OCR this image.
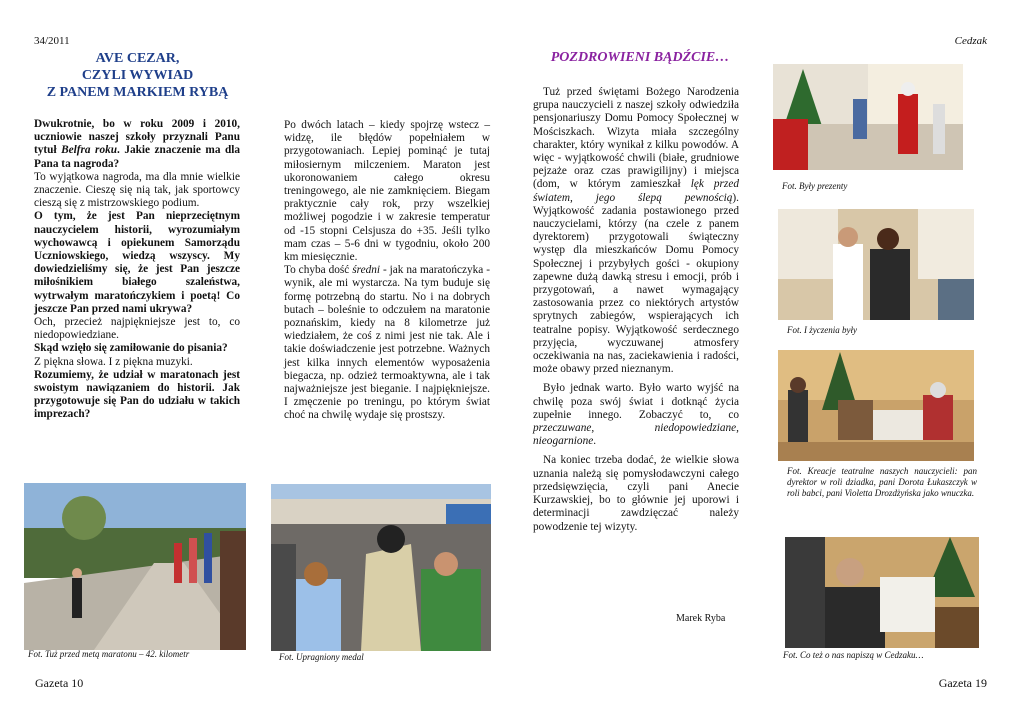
34/2011	Cedzak
AVE CEZAR,
CZYLI WYWIAD
Z PANEM MARKIEM RYBĄ

Dwukrotnie, bo w roku 2009 i 2010, uczniowie naszej szkoły przyznali Panu tytuł Belfra roku. Jakie znaczenie ma dla Pana ta nagroda?

To wyjątkowa nagroda, ma dla mnie wielkie znaczenie. Cieszę się nią tak, jak sportowcy cieszą się z mistrzowskiego podium.

O tym, że jest Pan nieprzeciętnym nauczycielem historii, wyrozumiałym wychowawcą i opiekunem Samorządu Uczniowskiego, wiedzą wszyscy. My dowiedzieliśmy się, że jest Pan jeszcze miłośnikiem białego szaleństwa, wytrwałym maratończykiem i poetą! Co jeszcze Pan przed nami ukrywa?

Och, przecież najpiękniejsze jest to, co niedopowiedziane.

Skąd wzięło się zamiłowanie do pisania?

Z piękna słowa. I z piękna muzyki.

Rozumiemy, że udział w maratonach jest swoistym nawiązaniem do historii. Jak przygotowuje się Pan do udziału w takich imprezach?

Po dwóch latach – kiedy spojrzę wstecz – widzę, ile błędów popełniałem w przygotowaniach. Lepiej pominąć je tutaj miłosiernym milczeniem. Maraton jest ukoronowaniem całego okresu treningowego, ale nie zamknięciem. Biegam praktycznie cały rok, przy wszelkiej możliwej pogodzie i w zakresie temperatur od -15 stopni Celsjusza do +35. Jeśli tylko mam czas – 5-6 dni w tygodniu, około 200 km miesięcznie.

To chyba dość średni - jak na maratończyka - wynik, ale mi wystarcza. Na tym buduje się formę potrzebną do startu. No i na dobrych butach – boleśnie to odczułem na maratonie poznańskim, kiedy na 8 kilometrze już wiedziałem, że coś z nimi jest nie tak. Ale i takie doświadczenie jest potrzebne. Ważnych jest kilka innych elementów wyposażenia biegacza, np. odzież termoaktywna, ale i tak najważniejsze jest bieganie. I najpiękniejsze. I zmęczenie po treningu, po którym świat choć na chwilę wydaje się prostszy.

Fot. Tuż przed metą maratonu – 42. kilometr	Fot. Upragniony medal
POZDROWIENI BĄDŹCIE…

Tuż przed świętami Bożego Narodzenia grupa nauczycieli z naszej szkoły odwiedziła pensjonariuszy Domu Pomocy Społecznej w Mościszkach. Wizyta miała szczególny charakter, który wynikał z kilku powodów. A więc - wyjątkowość chwili (białe, grudniowe pejzaże oraz czas prawigilijny) i miejsca (dom, w którym zamieszkał lęk przed światem, jego ślepą pewnością). Wyjątkowość zadania postawionego przed nauczycielami, którzy (na czele z panem dyrektorem) przygotowali świąteczny występ dla mieszkańców Domu Pomocy Społecznej i przybyłych gości - okupiony zapewne dużą dawką stresu i emocji, prób i przygotowań, a nawet wymagający zastosowania przez co niektórych artystów sprytnych zabiegów, wspierających ich teatralne popisy. Wyjątkowość serdecznego przyjęcia, wyczuwanej atmosfery oczekiwania na nas, zaciekawienia i radości, może obawy przed nieznanym.

Było jednak warto. Było warto wyjść na chwilę poza swój świat i dotknąć życia zupełnie innego. Zobaczyć to, co przeczuwane, niedopowiedziane, nieogarnione.

Na koniec trzeba dodać, że wielkie słowa uznania należą się pomysłodawczyni całego przedsięwzięcia, czyli pani Anecie Kurzawskiej, bo to głównie jej uporowi i determinacji zawdzięczać należy powodzenie tej wizyty.

Marek Ryba
Fot. Były prezenty
Fot. I życzenia były
Fot. Kreacje teatralne naszych nauczycieli: pan dyrektor w roli dziadka, pani Dorota Łukaszczyk w roli babci, pani Violetta Drozdżyńska jako wnuczka.
Fot. Co też o nas napiszą w Cedzaku…
Gazeta 10	Gazeta 19
